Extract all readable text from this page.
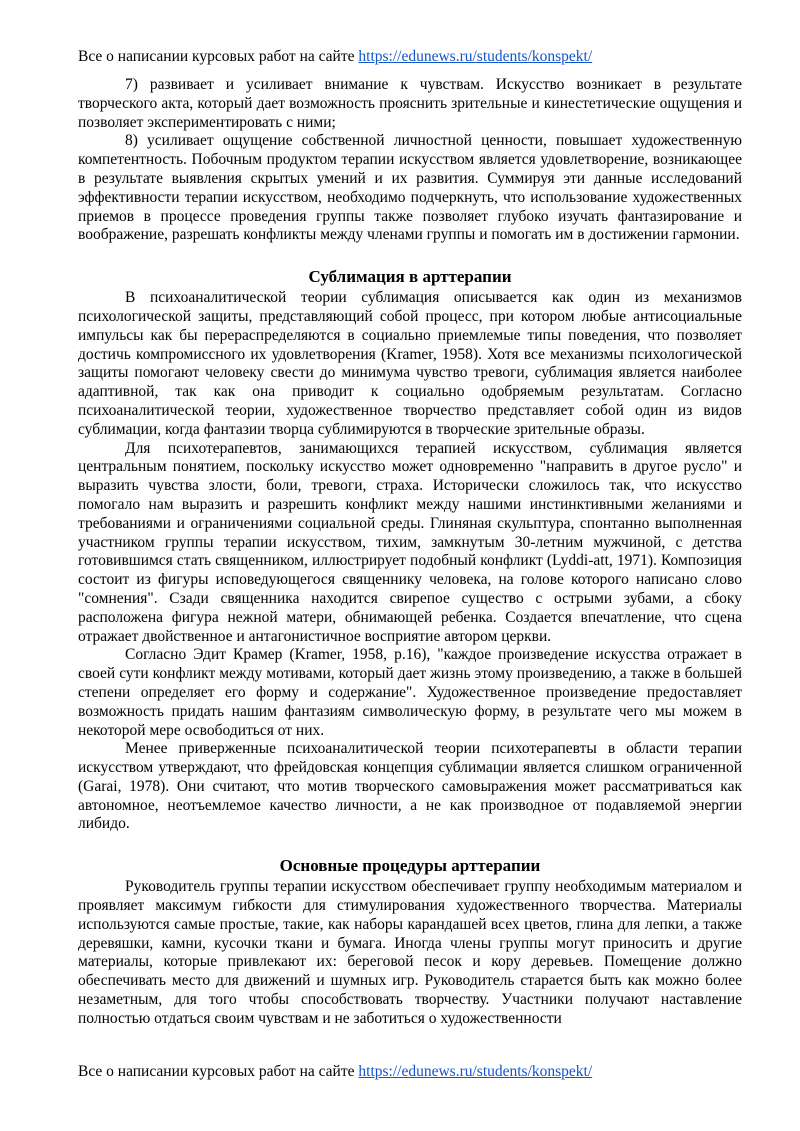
Все о написании курсовых работ на сайте https://edunews.ru/students/konspekt/

7) развивает и усиливает внимание к чувствам. Искусство возникает в результате творческого акта, который дает возможность прояснить зрительные и кинестетические ощущения и позволяет экспериментировать с ними;

8) усиливает ощущение собственной личностной ценности, повышает художественную компетентность. Побочным продуктом терапии искусством является удовлетворение, возникающее в результате выявления скрытых умений и их развития. Суммируя эти данные исследований эффективности терапии искусством, необходимо подчеркнуть, что использование художественных приемов в процессе проведения группы также позволяет глубоко изучать фантазирование и воображение, разрешать конфликты между членами группы и помогать им в достижении гармонии.

Сублимация в арттерапии

В психоаналитической теории сублимация описывается как один из механизмов психологической защиты, представляющий собой процесс, при котором любые антисоциальные импульсы как бы перераспределяются в социально приемлемые типы поведения, что позволяет достичь компромиссного их удовлетворения (Kramer, 1958). Хотя все механизмы психологической защиты помогают человеку свести до минимума чувство тревоги, сублимация является наиболее адаптивной, так как она приводит к социально одобряемым результатам. Согласно психоаналитической теории, художественное творчество представляет собой один из видов сублимации, когда фантазии творца сублимируются в творческие зрительные образы.

Для психотерапевтов, занимающихся терапией искусством, сублимация является центральным понятием, поскольку искусство может одновременно "направить в другое русло" и выразить чувства злости, боли, тревоги, страха. Исторически сложилось так, что искусство помогало нам выразить и разрешить конфликт между нашими инстинктивными желаниями и требованиями и ограничениями социальной среды. Глиняная скульптура, спонтанно выполненная участником группы терапии искусством, тихим, замкнутым 30-летним мужчиной, с детства готовившимся стать священником, иллюстрирует подобный конфликт (Lyddi-att, 1971). Композиция состоит из фигуры исповедующегося священнику человека, на голове которого написано слово "сомнения". Сзади священника находится свирепое существо с острыми зубами, а сбоку расположена фигура нежной матери, обнимающей ребенка. Создается впечатление, что сцена отражает двойственное и антагонистичное восприятие автором церкви.

Согласно Эдит Крамер (Kramer, 1958, p.16), "каждое произведение искусства отражает в своей сути конфликт между мотивами, который дает жизнь этому произведению, а также в большей степени определяет его форму и содержание". Художественное произведение предоставляет возможность придать нашим фантазиям символическую форму, в результате чего мы можем в некоторой мере освободиться от них.

Менее приверженные психоаналитической теории психотерапевты в области терапии искусством утверждают, что фрейдовская концепция сублимации является слишком ограниченной (Garai, 1978). Они считают, что мотив творческого самовыражения может рассматриваться как автономное, неотъемлемое качество личности, а не как производное от подавляемой энергии либидо.

Основные процедуры арттерапии

Руководитель группы терапии искусством обеспечивает группу необходимым материалом и проявляет максимум гибкости для стимулирования художественного творчества. Материалы используются самые простые, такие, как наборы карандашей всех цветов, глина для лепки, а также деревяшки, камни, кусочки ткани и бумага. Иногда члены группы могут приносить и другие материалы, которые привлекают их: береговой песок и кору деревьев. Помещение должно обеспечивать место для движений и шумных игр. Руководитель старается быть как можно более незаметным, для того чтобы способствовать творчеству. Участники получают наставление полностью отдаться своим чувствам и не заботиться о художественности

Все о написании курсовых работ на сайте https://edunews.ru/students/konspekt/
